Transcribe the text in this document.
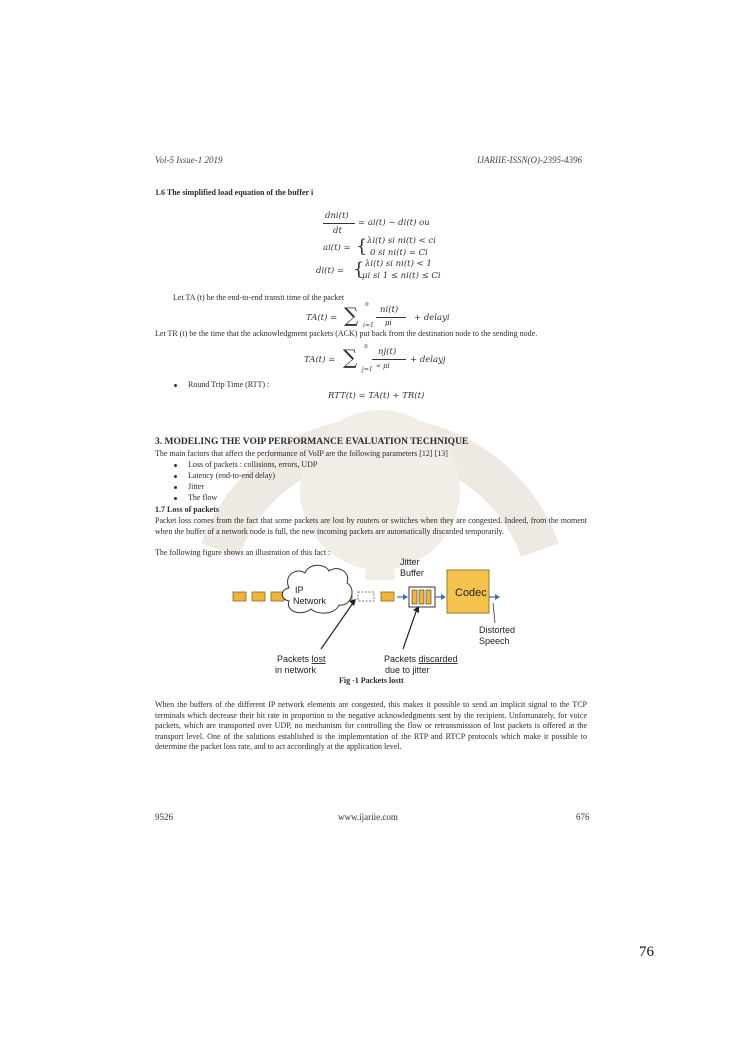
Vol-5 Issue-1 2019	IJARIIE-ISSN(O)-2395-4396
1.6 The simplified load equation of the buffer i
dni(t)
dt
= ai(t) − di(t) ou
ai(t) = { λi(t) si ni(t) < ci
0 si ni(t) = Ci
di(t) = { λi(t) si ni(t) < 1
μi si 1 ≤ ni(t) ≤ Ci
Let TA (t) be the end-to-end transit time of the packet
TA(t) = ∑ n
i=1
ni(t)
μi	+ delayi
Let TR (t) be the time that the acknowledgment packets (ACK) put back from the destination node to the sending node.
TA(t) = ∑ n
j=1
nj(t)
∝ μi
+ delayj
Round Trip Time (RTT) :
RTT(t) = TA(t) + TR(t)
3. MODELING THE VOIP PERFORMANCE EVALUATION TECHNIQUE
The main factors that affect the performance of VoIP are the following parameters [12] [13]
Loss of packets : collisions, errors, UDP
Latency (end-to-end delay)
Jitter
The flow
1.7 Loss of packets
Packet loss comes from the fact that some packets are lost by routers or switches when they are congested. Indeed, from the moment when the buffer of a network node is full, the new incoming packets are automatically discarded temporarily.
The following figure shows an illustration of this fact :
IP
Network
Jitter
Buffer
Codec
Distorted
Speech
Packets lost
in network
Packets discarded
due to jitter
Fig -1 Packets lostt
When the buffers of the different IP network elements are congested, this makes it possible to send an implicit signal to the TCP terminals which decrease their bit rate in proportion to the negative acknowledgments sent by the recipient. Unfortunately, for voice packets, which are transported over UDP, no mechanism for controlling the flow or retransmission of lost packets is offered at the transport level. One of the solutions established is the implementation of the RTP and RTCP protocols which make it possible to determine the packet loss rate, and to act accordingly at the application level.
9526	www.ijariie.com	676
76
